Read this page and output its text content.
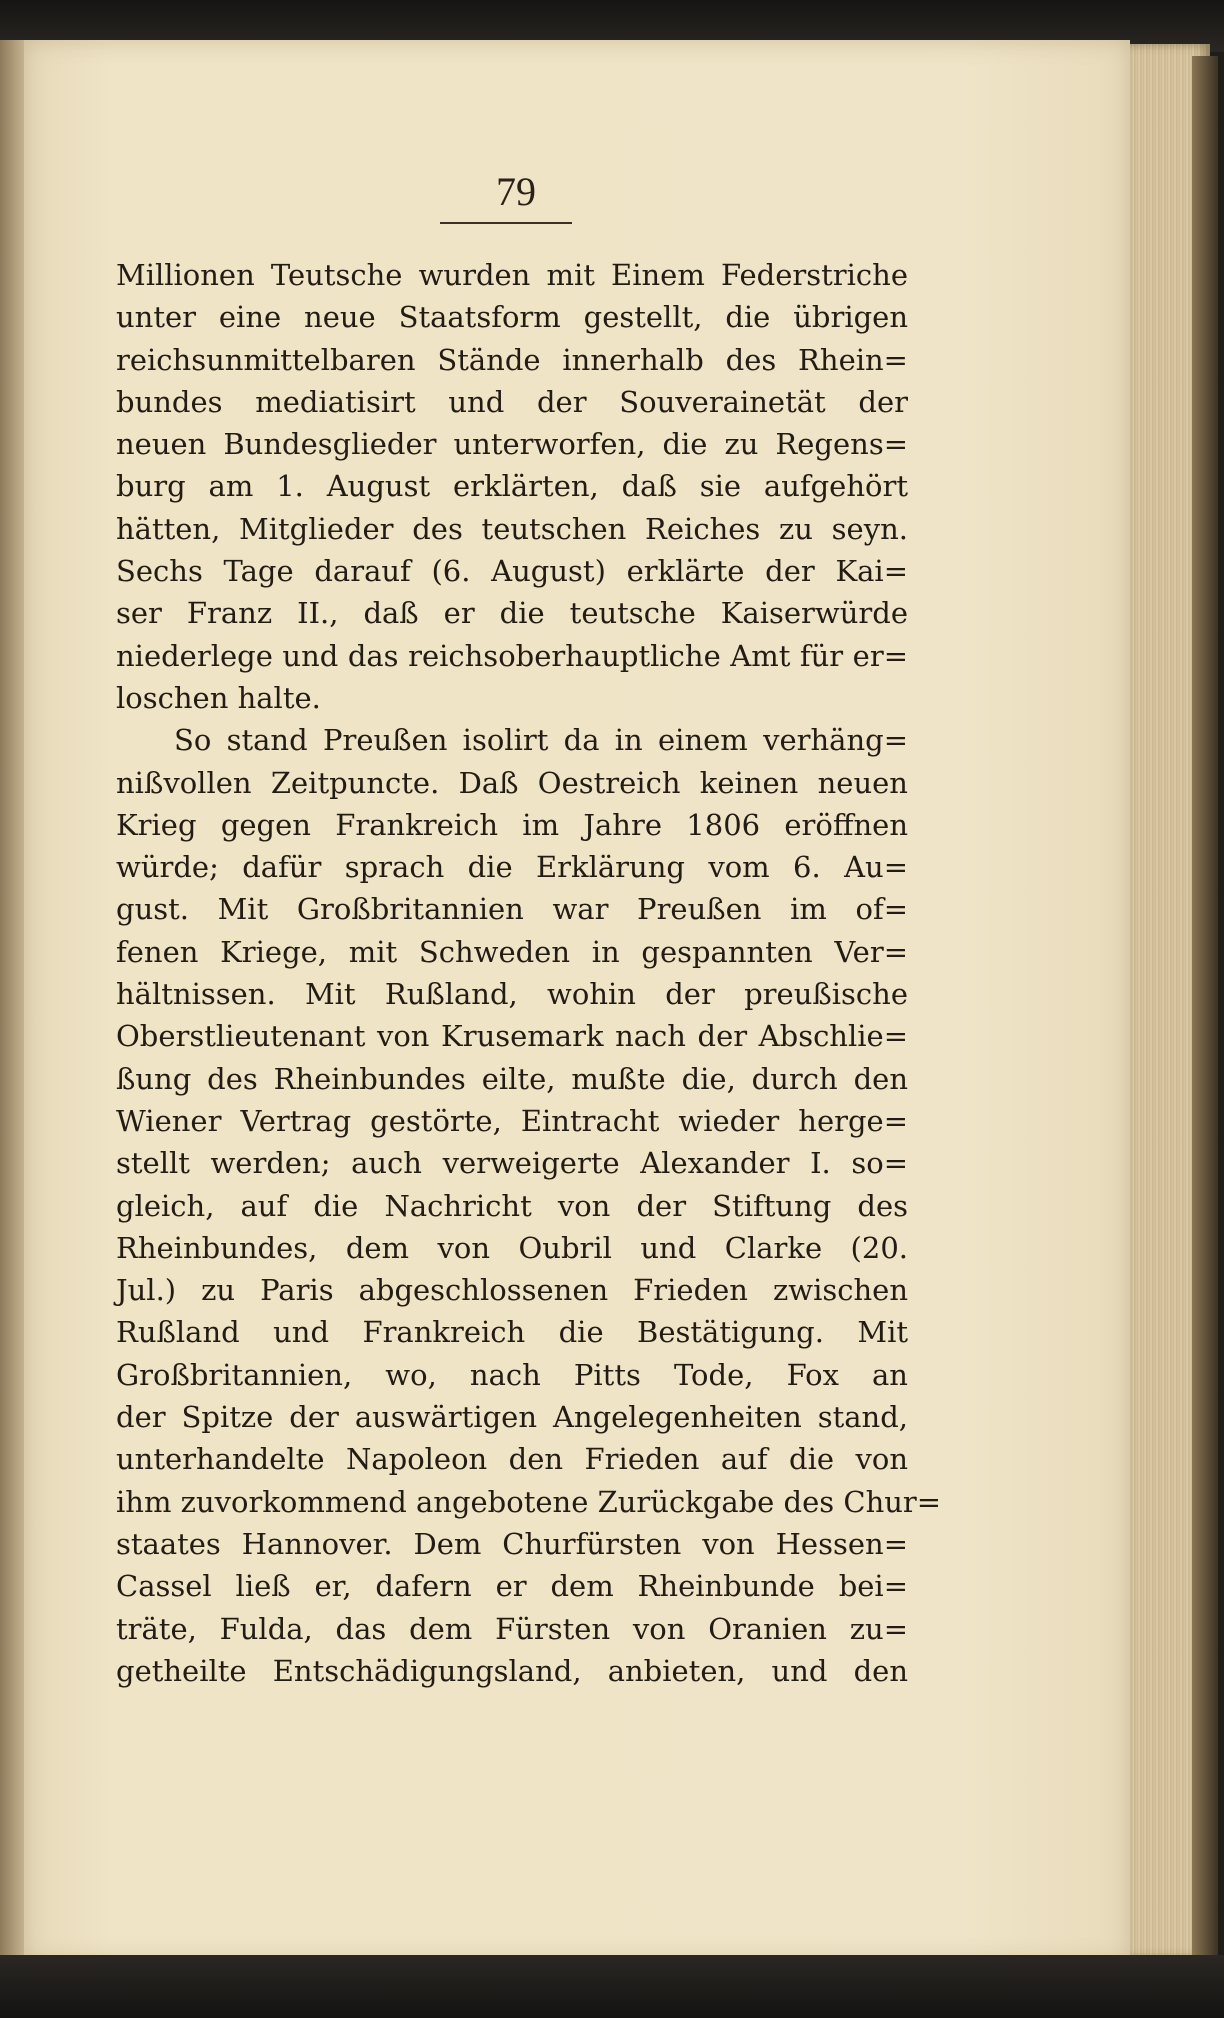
79
Millionen Teutsche wurden mit Einem Federstriche
unter eine neue Staatsform gestellt, die übrigen
reichsunmittelbaren Stände innerhalb des Rhein=
bundes mediatisirt und der Souverainetät der
neuen Bundesglieder unterworfen, die zu Regens=
burg am 1. August erklärten, daß sie aufgehört
hätten, Mitglieder des teutschen Reiches zu seyn.
Sechs Tage darauf (6. August) erklärte der Kai=
ser Franz II., daß er die teutsche Kaiserwürde
niederlege und das reichsoberhauptliche Amt für er=
loschen halte.
So stand Preußen isolirt da in einem verhäng=
nißvollen Zeitpuncte. Daß Oestreich keinen neuen
Krieg gegen Frankreich im Jahre 1806 eröffnen
würde; dafür sprach die Erklärung vom 6. Au=
gust. Mit Großbritannien war Preußen im of=
fenen Kriege, mit Schweden in gespannten Ver=
hältnissen. Mit Rußland, wohin der preußische
Oberstlieutenant von Krusemark nach der Abschlie=
ßung des Rheinbundes eilte, mußte die, durch den
Wiener Vertrag gestörte, Eintracht wieder herge=
stellt werden; auch verweigerte Alexander I. so=
gleich, auf die Nachricht von der Stiftung des
Rheinbundes, dem von Oubril und Clarke (20.
Jul.) zu Paris abgeschlossenen Frieden zwischen
Rußland und Frankreich die Bestätigung. Mit
Großbritannien, wo, nach Pitts Tode, Fox an
der Spitze der auswärtigen Angelegenheiten stand,
unterhandelte Napoleon den Frieden auf die von
ihm zuvorkommend angebotene Zurückgabe des Chur=
staates Hannover. Dem Churfürsten von Hessen=
Cassel ließ er, dafern er dem Rheinbunde bei=
träte, Fulda, das dem Fürsten von Oranien zu=
getheilte Entschädigungsland, anbieten, und den
